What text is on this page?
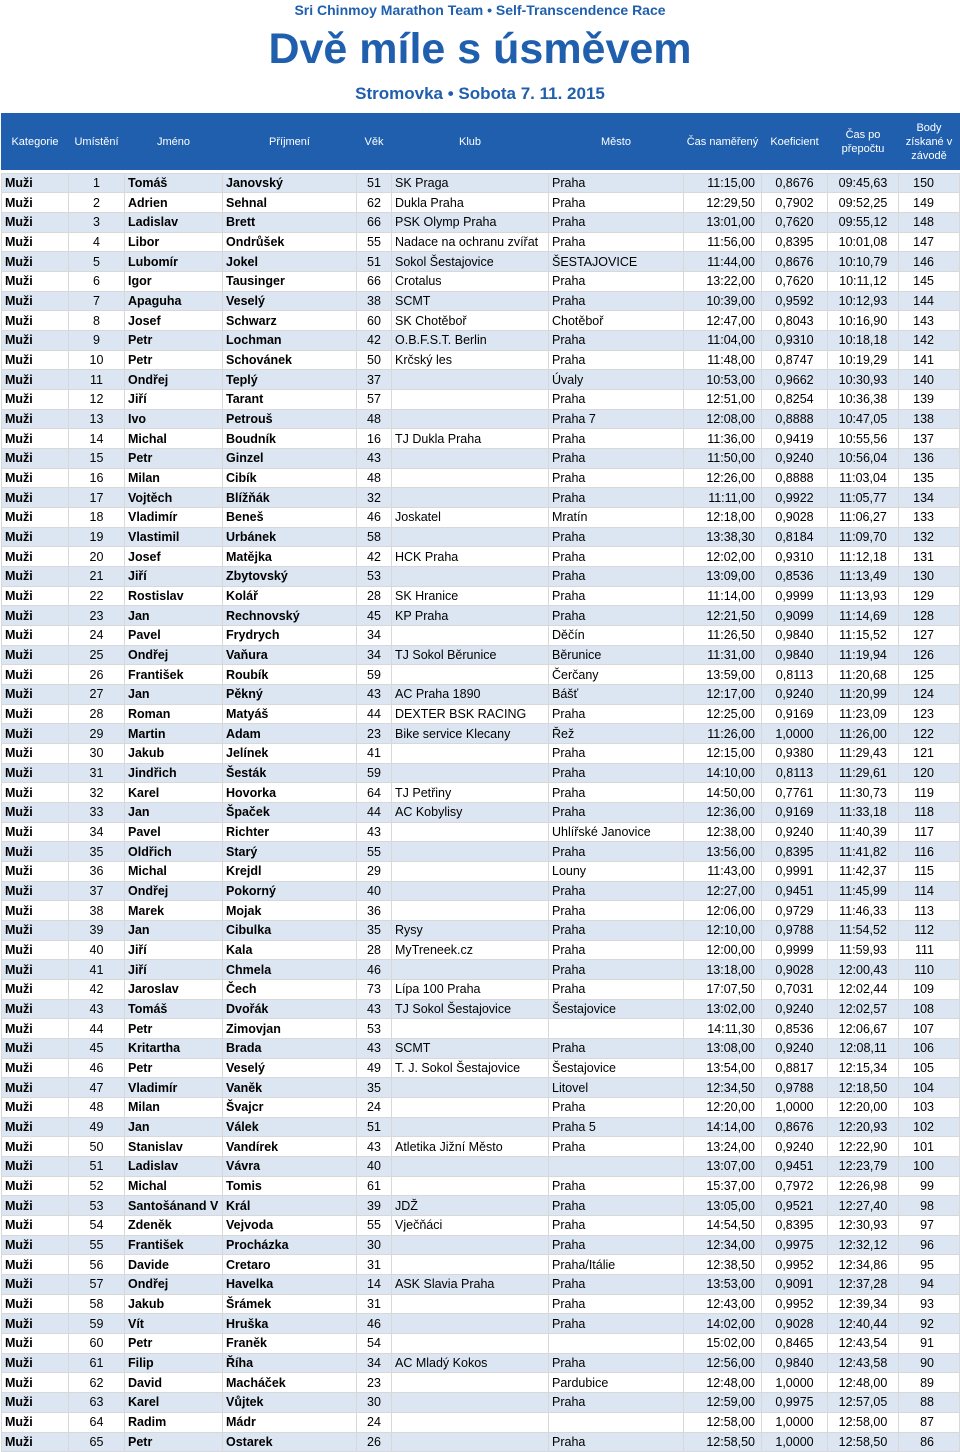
Sri Chinmoy Marathon Team • Self-Transcendence Race
Dvě míle s úsměvem
Stromovka • Sobota 7. 11. 2015
Kategorie	Umístění	Jméno	Příjmení	Věk	Klub	Město	Čas naměřený	Koeficient	Čas po přepočtu	Body získané v závodě

Muži	1	Tomáš	Janovský	51	SK Praga	Praha	11:15,00	0,8676	09:45,63	150
Muži	2	Adrien	Sehnal	62	Dukla Praha	Praha	12:29,50	0,7902	09:52,25	149
Muži	3	Ladislav	Brett	66	PSK Olymp Praha	Praha	13:01,00	0,7620	09:55,12	148
Muži	4	Libor	Ondrůšek	55	Nadace na ochranu zvířat	Praha	11:56,00	0,8395	10:01,08	147
Muži	5	Lubomír	Jokel	51	Sokol Šestajovice	ŠESTAJOVICE	11:44,00	0,8676	10:10,79	146
Muži	6	Igor	Tausinger	66	Crotalus	Praha	13:22,00	0,7620	10:11,12	145
Muži	7	Apaguha	Veselý	38	SCMT	Praha	10:39,00	0,9592	10:12,93	144
Muži	8	Josef	Schwarz	60	SK Chotěboř	Chotěboř	12:47,00	0,8043	10:16,90	143
Muži	9	Petr	Lochman	42	O.B.F.S.T. Berlin	Praha	11:04,00	0,9310	10:18,18	142
Muži	10	Petr	Schovánek	50	Krčský les	Praha	11:48,00	0,8747	10:19,29	141
Muži	11	Ondřej	Teplý	37		Úvaly	10:53,00	0,9662	10:30,93	140
Muži	12	Jiří	Tarant	57		Praha	12:51,00	0,8254	10:36,38	139
Muži	13	Ivo	Petrouš	48		Praha 7	12:08,00	0,8888	10:47,05	138
Muži	14	Michal	Boudník	16	TJ Dukla Praha	Praha	11:36,00	0,9419	10:55,56	137
Muži	15	Petr	Ginzel	43		Praha	11:50,00	0,9240	10:56,04	136
Muži	16	Milan	Cibík	48		Praha	12:26,00	0,8888	11:03,04	135
Muži	17	Vojtěch	Blížňák	32		Praha	11:11,00	0,9922	11:05,77	134
Muži	18	Vladimír	Beneš	46	Joskatel	Mratín	12:18,00	0,9028	11:06,27	133
Muži	19	Vlastimil	Urbánek	58		Praha	13:38,30	0,8184	11:09,70	132
Muži	20	Josef	Matějka	42	HCK Praha	Praha	12:02,00	0,9310	11:12,18	131
Muži	21	Jiří	Zbytovský	53		Praha	13:09,00	0,8536	11:13,49	130
Muži	22	Rostislav	Kolář	28	SK Hranice	Praha	11:14,00	0,9999	11:13,93	129
Muži	23	Jan	Rechnovský	45	KP Praha	Praha	12:21,50	0,9099	11:14,69	128
Muži	24	Pavel	Frydrych	34		Děčín	11:26,50	0,9840	11:15,52	127
Muži	25	Ondřej	Vaňura	34	TJ Sokol Běrunice	Běrunice	11:31,00	0,9840	11:19,94	126
Muži	26	František	Roubík	59		Čerčany	13:59,00	0,8113	11:20,68	125
Muži	27	Jan	Pěkný	43	AC Praha 1890	Bášť	12:17,00	0,9240	11:20,99	124
Muži	28	Roman	Matyáš	44	DEXTER BSK RACING	Praha	12:25,00	0,9169	11:23,09	123
Muži	29	Martin	Adam	23	Bike service Klecany	Řež	11:26,00	1,0000	11:26,00	122
Muži	30	Jakub	Jelínek	41		Praha	12:15,00	0,9380	11:29,43	121
Muži	31	Jindřich	Šesták	59		Praha	14:10,00	0,8113	11:29,61	120
Muži	32	Karel	Hovorka	64	TJ Petřiny	Praha	14:50,00	0,7761	11:30,73	119
Muži	33	Jan	Špaček	44	AC Kobylisy	Praha	12:36,00	0,9169	11:33,18	118
Muži	34	Pavel	Richter	43		Uhlířské Janovice	12:38,00	0,9240	11:40,39	117
Muži	35	Oldřich	Starý	55		Praha	13:56,00	0,8395	11:41,82	116
Muži	36	Michal	Krejdl	29		Louny	11:43,00	0,9991	11:42,37	115
Muži	37	Ondřej	Pokorný	40		Praha	12:27,00	0,9451	11:45,99	114
Muži	38	Marek	Mojak	36		Praha	12:06,00	0,9729	11:46,33	113
Muži	39	Jan	Cibulka	35	Rysy	Praha	12:10,00	0,9788	11:54,52	112
Muži	40	Jiří	Kala	28	MyTreneek.cz	Praha	12:00,00	0,9999	11:59,93	111
Muži	41	Jiří	Chmela	46		Praha	13:18,00	0,9028	12:00,43	110
Muži	42	Jaroslav	Čech	73	Lípa 100 Praha	Praha	17:07,50	0,7031	12:02,44	109
Muži	43	Tomáš	Dvořák	43	TJ Sokol Šestajovice	Šestajovice	13:02,00	0,9240	12:02,57	108
Muži	44	Petr	Zimovjan	53			14:11,30	0,8536	12:06,67	107
Muži	45	Kritartha	Brada	43	SCMT	Praha	13:08,00	0,9240	12:08,11	106
Muži	46	Petr	Veselý	49	T. J. Sokol Šestajovice	Šestajovice	13:54,00	0,8817	12:15,34	105
Muži	47	Vladimír	Vaněk	35		Litovel	12:34,50	0,9788	12:18,50	104
Muži	48	Milan	Švajcr	24		Praha	12:20,00	1,0000	12:20,00	103
Muži	49	Jan	Válek	51		Praha 5	14:14,00	0,8676	12:20,93	102
Muži	50	Stanislav	Vandírek	43	Atletika Jižní Město	Praha	13:24,00	0,9240	12:22,90	101
Muži	51	Ladislav	Vávra	40			13:07,00	0,9451	12:23,79	100
Muži	52	Michal	Tomis	61		Praha	15:37,00	0,7972	12:26,98	99
Muži	53	Santošánand V	Král	39	JDŽ	Praha	13:05,00	0,9521	12:27,40	98
Muži	54	Zdeněk	Vejvoda	55	Vječňáci	Praha	14:54,50	0,8395	12:30,93	97
Muži	55	František	Procházka	30		Praha	12:34,00	0,9975	12:32,12	96
Muži	56	Davide	Cretaro	31		Praha/Itálie	12:38,50	0,9952	12:34,86	95
Muži	57	Ondřej	Havelka	14	ASK Slavia Praha	Praha	13:53,00	0,9091	12:37,28	94
Muži	58	Jakub	Šrámek	31		Praha	12:43,00	0,9952	12:39,34	93
Muži	59	Vít	Hruška	46		Praha	14:02,00	0,9028	12:40,44	92
Muži	60	Petr	Franěk	54			15:02,00	0,8465	12:43,54	91
Muži	61	Filip	Říha	34	AC Mladý Kokos	Praha	12:56,00	0,9840	12:43,58	90
Muži	62	David	Macháček	23		Pardubice	12:48,00	1,0000	12:48,00	89
Muži	63	Karel	Vůjtek	30		Praha	12:59,00	0,9975	12:57,05	88
Muži	64	Radim	Mádr	24			12:58,00	1,0000	12:58,00	87
Muži	65	Petr	Ostarek	26		Praha	12:58,50	1,0000	12:58,50	86
